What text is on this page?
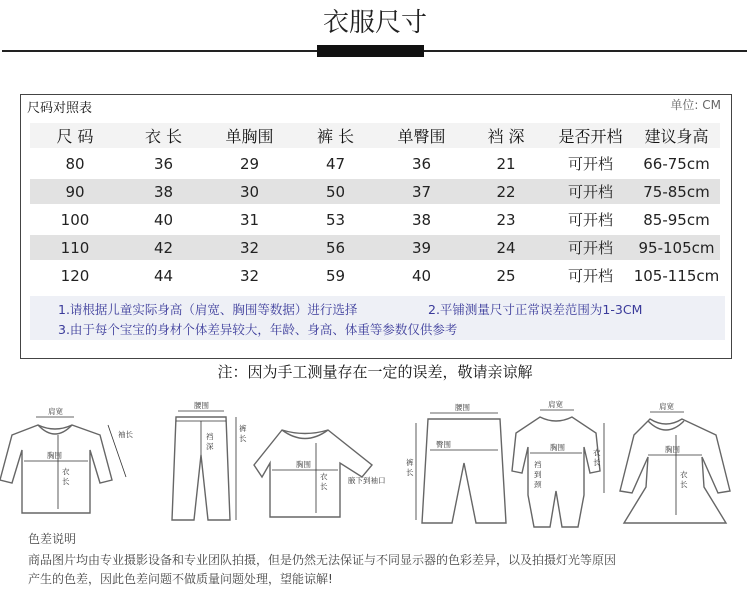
衣服尺寸
尺码对照表	单位: CM
尺 码	衣 长	单胸围	裤 长	单臀围	裆 深	是否开档	建议身高
80	36	29	47	36	21	可开档	66-75cm
90	38	30	50	37	22	可开档	75-85cm
100	40	31	53	38	23	可开档	85-95cm
110	42	32	56	39	24	可开档	95-105cm
120	44	32	59	40	25	可开档	105-115cm
1.请根据儿童实际身高（肩宽、胸围等数据）进行选择	2.平铺测量尺寸正常误差范围为1-3CM
3.由于每个宝宝的身材个体差异较大，年龄、身高、体重等参数仅供参考
注：因为手工测量存在一定的误差，敬请亲谅解
肩宽
袖长
胸围
衣
长
腰围
裆
深
裤
长
胸围
衣
长
腋下到袖口
腰围
臀围
裤
长
肩宽
胸围
裆
到
颈
衣
长
肩宽
胸围
衣
长
色差说明
商品图片均由专业摄影设备和专业团队拍摄，但是仍然无法保证与不同显示器的色彩差异，以及拍摄灯光等原因
产生的色差，因此色差问题不做质量问题处理，望能谅解!
